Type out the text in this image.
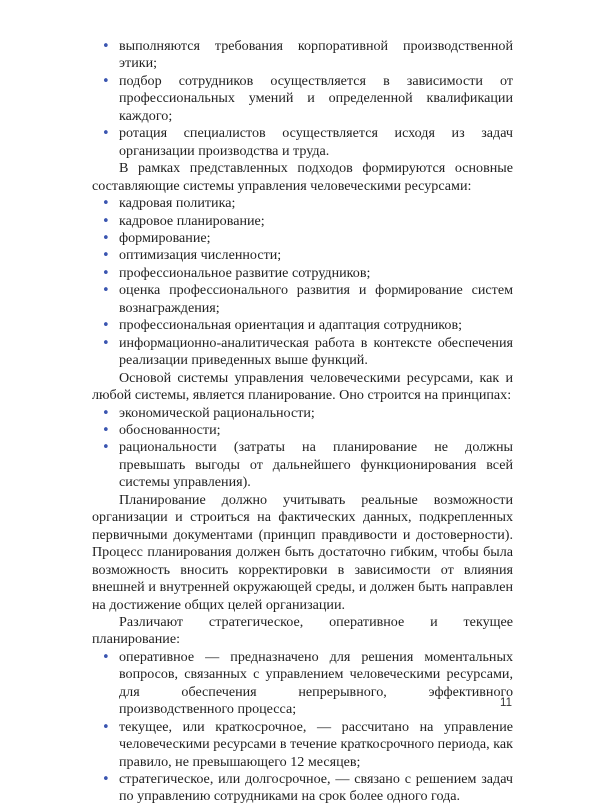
• выполняются требования корпоративной производственной этики;
• подбор сотрудников осуществляется в зависимости от профессиональных умений и определенной квалификации каждого;
• ротация специалистов осуществляется исходя из задач организации производства и труда.

В рамках представленных подходов формируются основные составляющие системы управления человеческими ресурсами:

• кадровая политика;
• кадровое планирование;
• формирование;
• оптимизация численности;
• профессиональное развитие сотрудников;
• оценка профессионального развития и формирование систем вознаграждения;
• профессиональная ориентация и адаптация сотрудников;
• информационно-аналитическая работа в контексте обеспечения реализации приведенных выше функций.

Основой системы управления человеческими ресурсами, как и любой системы, является планирование. Оно строится на принципах:

• экономической рациональности;
• обоснованности;
• рациональности (затраты на планирование не должны превышать выгоды от дальнейшего функционирования всей системы управления).

Планирование должно учитывать реальные возможности организации и строиться на фактических данных, подкрепленных первичными документами (принцип правдивости и достоверности). Процесс планирования должен быть достаточно гибким, чтобы была возможность вносить корректировки в зависимости от влияния внешней и внутренней окружающей среды, и должен быть направлен на достижение общих целей организации.

Различают стратегическое, оперативное и текущее планирование:

• оперативное — предназначено для решения моментальных вопросов, связанных с управлением человеческими ресурсами, для обеспечения непрерывного, эффективного производственного процесса;
• текущее, или краткосрочное, — рассчитано на управление человеческими ресурсами в течение краткосрочного периода, как правило, не превышающего 12 месяцев;
• стратегическое, или долгосрочное, — связано с решением задач по управлению сотрудниками на срок более одного года.
11
